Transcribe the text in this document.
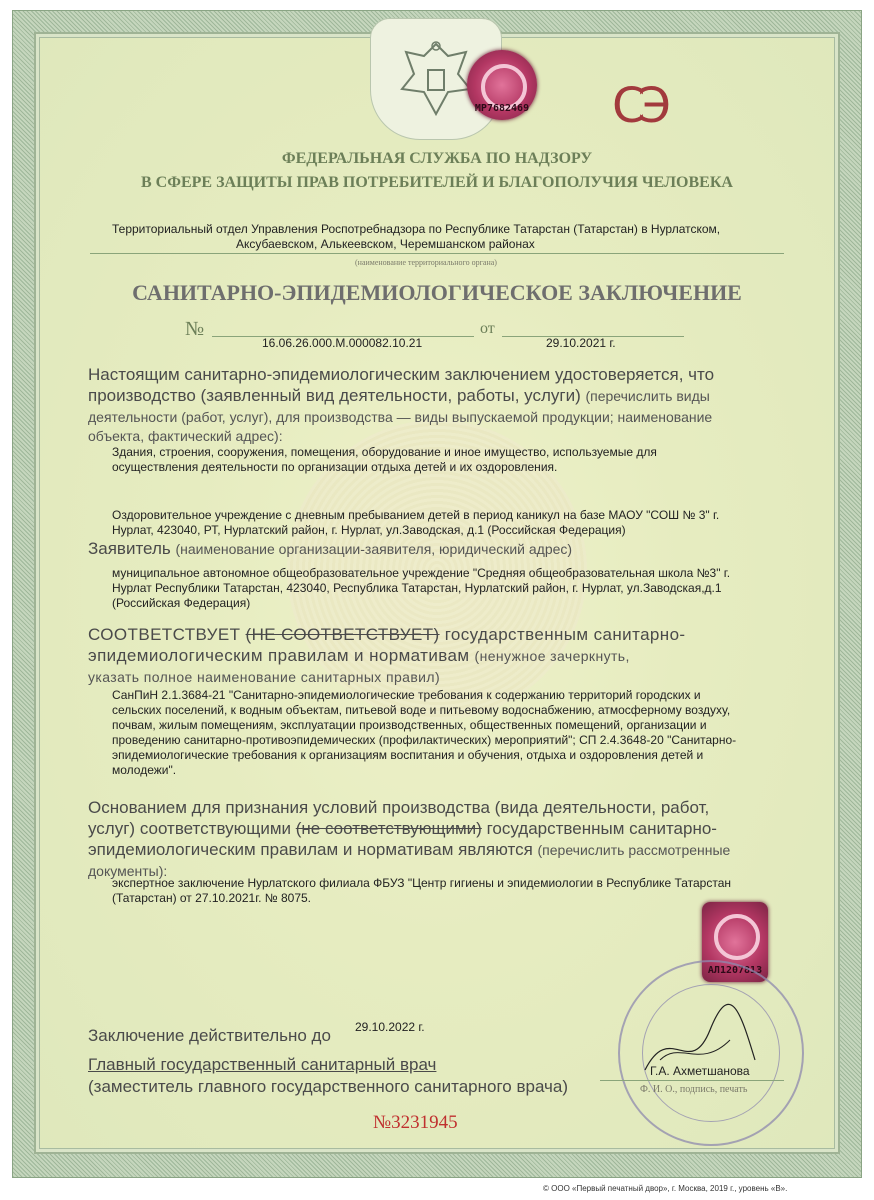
МР7682469 СЭ
ФЕДЕРАЛЬНАЯ СЛУЖБА ПО НАДЗОРУ
В СФЕРЕ ЗАЩИТЫ ПРАВ ПОТРЕБИТЕЛЕЙ И БЛАГОПОЛУЧИЯ ЧЕЛОВЕКА
Территориальный отдел Управления Роспотребнадзора по Республике Татарстан (Татарстан) в Нурлатском,
Аксубаевском, Алькеевском, Черемшанском районах
(наименование территориального органа)
САНИТАРНО-ЭПИДЕМИОЛОГИЧЕСКОЕ ЗАКЛЮЧЕНИЕ
№
16.06.26.000.М.000082.10.21
от
29.10.2021 г.
Настоящим санитарно-эпидемиологическим заключением удостоверяется, что
производство (заявленный вид деятельности, работы, услуги) (перечислить виды
деятельности (работ, услуг), для производства — виды выпускаемой продукции; наименование
объекта, фактический адрес):
Здания, строения, сооружения, помещения, оборудование и иное имущество, используемые для
осуществления деятельности по организации отдыха детей и их оздоровления.
Оздоровительное учреждение с дневным пребыванием детей в период каникул на базе МАОУ "СОШ № 3" г.
Нурлат, 423040, РТ, Нурлатский район, г. Нурлат, ул.Заводская, д.1 (Российская Федерация)
Заявитель (наименование организации-заявителя, юридический адрес)
муниципальное автономное общеобразовательное учреждение "Средняя общеобразовательная школа №3" г.
Нурлат Республики Татарстан, 423040, Республика Татарстан, Нурлатский район, г. Нурлат, ул.Заводская,д.1
(Российская Федерация)
СООТВЕТСТВУЕТ (НЕ СООТВЕТСТВУЕТ) государственным санитарно-
эпидемиологическим правилам и нормативам (ненужное зачеркнуть,
указать полное наименование санитарных правил)
СанПиН 2.1.3684-21 "Санитарно-эпидемиологические требования к содержанию территорий городских и
сельских поселений, к водным объектам, питьевой воде и питьевому водоснабжению, атмосферному воздуху,
почвам, жилым помещениям, эксплуатации производственных, общественных помещений, организации и
проведению санитарно-противоэпидемических (профилактических) мероприятий"; СП 2.4.3648-20 "Санитарно-
эпидемиологические требования к организациям воспитания и обучения, отдыха и оздоровления детей и
молодежи".
Основанием для признания условий производства (вида деятельности, работ,
услуг) соответствующими (не соответствующими) государственным санитарно-
эпидемиологическим правилам и нормативам являются (перечислить рассмотренные
документы):
экспертное заключение Нурлатского филиала ФБУЗ "Центр гигиены и эпидемиологии в Республике Татарстан
(Татарстан) от 27.10.2021г. № 8075.
АЛ1207813
Заключение действительно до 29.10.2022 г.
Главный государственный санитарный врач
(заместитель главного государственного санитарного врача)
Г.А. Ахметшанова
Ф. И. О., подпись, печать
№3231945
© ООО «Первый печатный двор», г. Москва, 2019 г., уровень «В».
